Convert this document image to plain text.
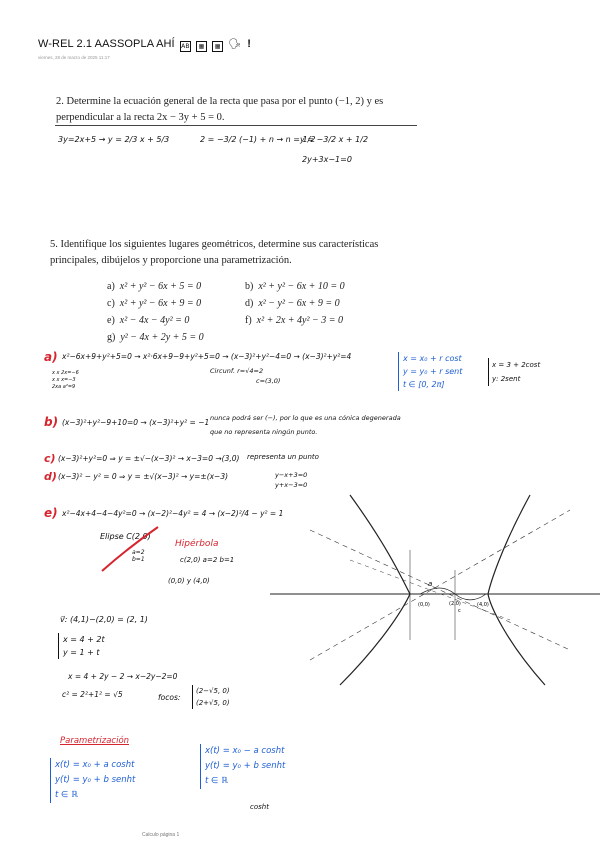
W-REL 2.1 AASSOPLA AHÍ AB ▦ ▦ 🗣 !
viernes, 28 de marzo de 2025 11:17
2. Determine la ecuación general de la recta que pasa por el punto (−1, 2) y es perpendicular a la recta 2x − 3y + 5 = 0.
3y=2x+5 → y = 2/3 x + 5/3	2 = −3/2 (−1) + n → n = 1/2
y = −3/2 x + 1/2
2y+3x−1=0
5. Identifique los siguientes lugares geométricos, determine sus características principales, dibújelos y proporcione una parametrización.
a) x² + y² − 6x + 5 = 0	b) x² + y² − 6x + 10 = 0
c) x² + y² − 6x + 9 = 0	d) x² − y² − 6x + 9 = 0
e) x² − 4x − 4y² = 0	f) x² + 2x + 4y² − 3 = 0
g) y² − 4x + 2y + 5 = 0
a) x²−6x+9+y²+5=0 → x²·6x+9−9+y²+5=0 → (x−3)²+y²−4=0 → (x−3)²+y²=4
Circunf. r=√4=2
c=(3,0)
x x 2x=−6
x x x=−3
2xa a²=9
x = x₀ + r cost
y = y₀ + r sent
t ∈ [0, 2π]
x = 3 + 2cost
y: 2sent
b) (x−3)²+y²−9+10=0 → (x−3)²+y² = −1 nunca podrá ser (−), por lo que es una cónica degenerada
que no representa ningún punto.
c) (x−3)²+y²=0 ⇒ y = ±√−(x−3)² → x−3=0 →(3,0) representa un punto
d) (x−3)² − y² = 0 ⇒ y = ±√(x−3)² → y=±(x−3)	y−x+3=0
y+x−3=0
e) x²−4x+4−4−4y²=0 → (x−2)²−4y² = 4 → (x−2)²/4 − y² = 1
Elipse C(2,0)
a=2
b=1
Hipérbola
c(2,0) a=2 b=1
(0,0) y (4,0)
v⃗: (4,1)−(2,0) = (2, 1)
x = 4 + 2t
y = 1 + t
x = 4 + 2y − 2 → x−2y−2=0
c² = 2²+1² = √5	focos:
(2−√5, 0)
(2+√5, 0)
Parametrización
x(t) = x₀ + a cosht
y(t) = y₀ + b senht
t ∈ ℝ
x(t) = x₀ − a cosht
y(t) = y₀ + b senht
t ∈ ℝ
cosht
a
(0,0)	(2,0)
c
(4,0)
Calculo página 1
